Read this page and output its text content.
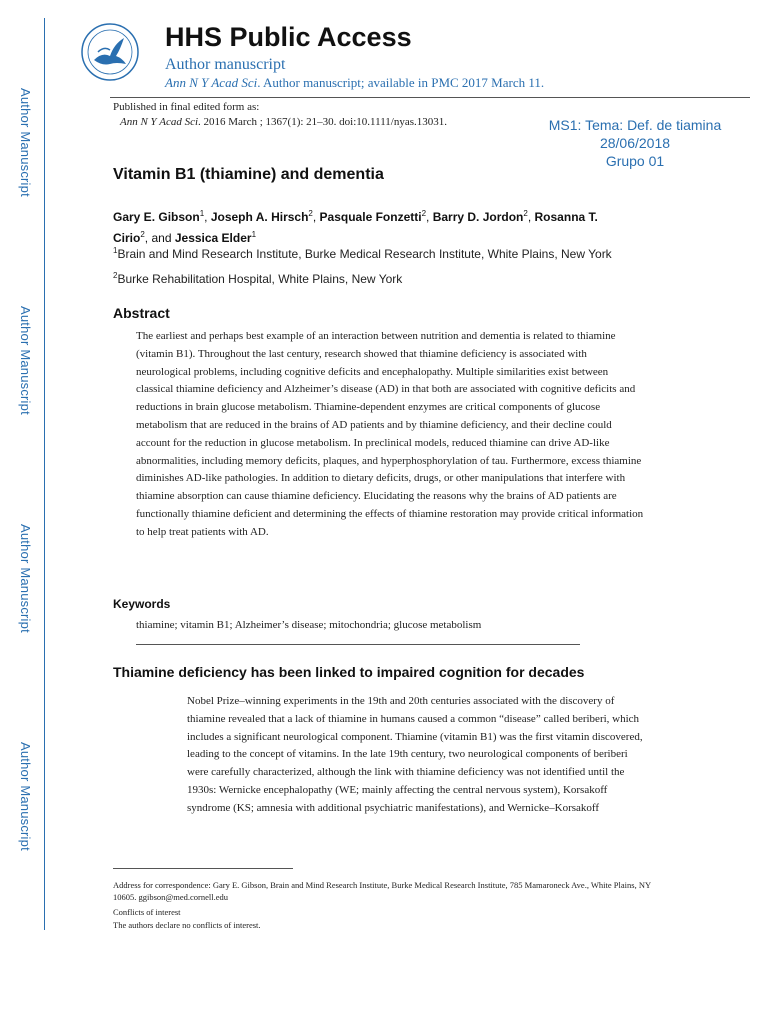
Author Manuscript
Author Manuscript
Author Manuscript
Author Manuscript
HHS Public Access
Author manuscript
Ann N Y Acad Sci. Author manuscript; available in PMC 2017 March 11.
Published in final edited form as:
Ann N Y Acad Sci. 2016 March ; 1367(1): 21–30. doi:10.1111/nyas.13031.	MS1: Tema: Def. de tiamina
28/06/2018
Grupo 01
Vitamin B1 (thiamine) and dementia
Gary E. Gibson$^1$, Joseph A. Hirsch$^2$, Pasquale Fonzetti$^2$, Barry D. Jordon$^2$, Rosanna T. Cirio$^2$, and Jessica Elder$^1$
$^1$Brain and Mind Research Institute, Burke Medical Research Institute, White Plains, New York
$^2$Burke Rehabilitation Hospital, White Plains, New York
Abstract
The earliest and perhaps best example of an interaction between nutrition and dementia is related to thiamine (vitamin B1). Throughout the last century, research showed that thiamine deficiency is associated with neurological problems, including cognitive deficits and encephalopathy. Multiple similarities exist between classical thiamine deficiency and Alzheimer’s disease (AD) in that both are associated with cognitive deficits and reductions in brain glucose metabolism. Thiamine-dependent enzymes are critical components of glucose metabolism that are reduced in the brains of AD patients and by thiamine deficiency, and their decline could account for the reduction in glucose metabolism. In preclinical models, reduced thiamine can drive AD-like abnormalities, including memory deficits, plaques, and hyperphosphorylation of tau. Furthermore, excess thiamine diminishes AD-like pathologies. In addition to dietary deficits, drugs, or other manipulations that interfere with thiamine absorption can cause thiamine deficiency. Elucidating the reasons why the brains of AD patients are functionally thiamine deficient and determining the effects of thiamine restoration may provide critical information to help treat patients with AD.
Keywords
thiamine; vitamin B1; Alzheimer’s disease; mitochondria; glucose metabolism
Thiamine deficiency has been linked to impaired cognition for decades
Nobel Prize–winning experiments in the 19th and 20th centuries associated with the discovery of thiamine revealed that a lack of thiamine in humans caused a common “disease” called beriberi, which includes a significant neurological component. Thiamine (vitamin B1) was the first vitamin discovered, leading to the concept of vitamins. In the late 19th century, two neurological components of beriberi were carefully characterized, although the link with thiamine deficiency was not identified until the 1930s: Wernicke encephalopathy (WE; mainly affecting the central nervous system), Korsakoff syndrome (KS; amnesia with additional psychiatric manifestations), and Wernicke–Korsakoff
Address for correspondence: Gary E. Gibson, Brain and Mind Research Institute, Burke Medical Research Institute, 785 Mamaroneck Ave., White Plains, NY 10605. ggibson@med.cornell.edu
Conflicts of interest
The authors declare no conflicts of interest.
